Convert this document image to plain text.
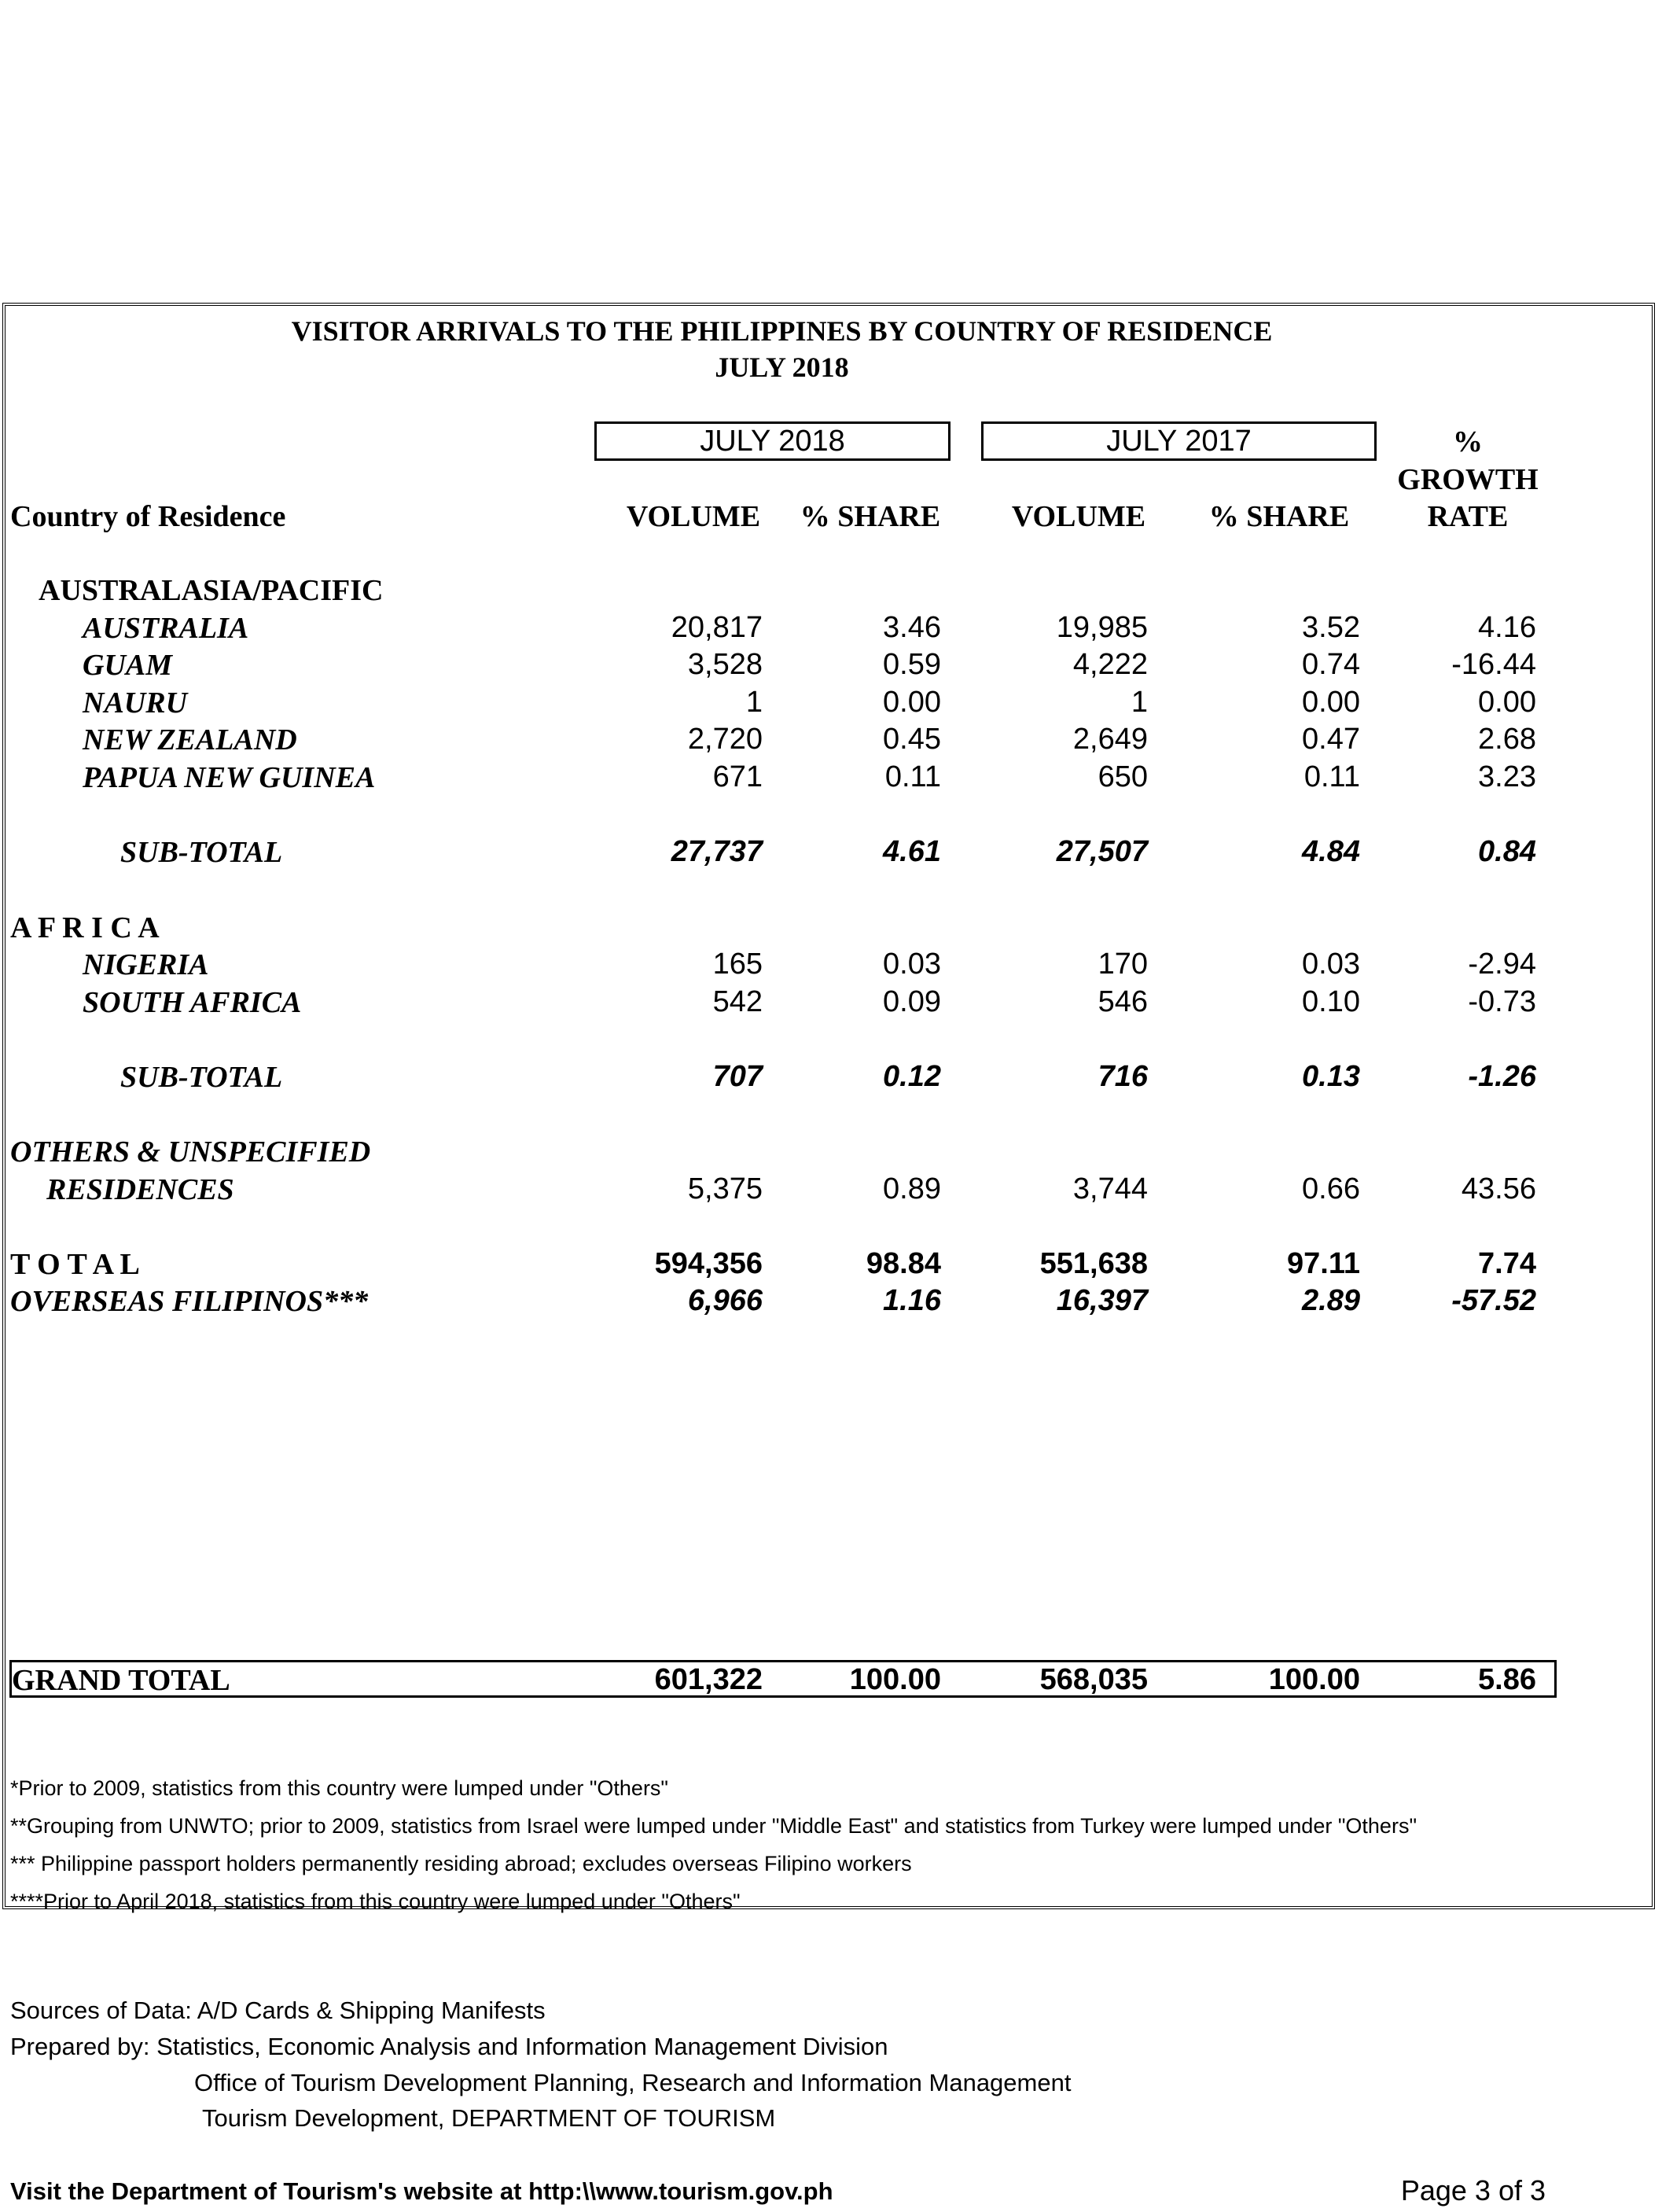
VISITOR ARRIVALS TO THE PHILIPPINES BY COUNTRY OF RESIDENCE
JULY 2018
JULY 2018	JULY 2017	%
GROWTH
RATE
Country of Residence	VOLUME	% SHARE	VOLUME	% SHARE
AUSTRALASIA/PACIFIC
AUSTRALIA	20,817	3.46	19,985	3.52	4.16
GUAM	3,528	0.59	4,222	0.74	-16.44
NAURU	1	0.00	1	0.00	0.00
NEW ZEALAND	2,720	0.45	2,649	0.47	2.68
PAPUA NEW GUINEA	671	0.11	650	0.11	3.23
SUB-TOTAL	27,737	4.61	27,507	4.84	0.84
A F R I C A
NIGERIA	165	0.03	170	0.03	-2.94
SOUTH AFRICA	542	0.09	546	0.10	-0.73
SUB-TOTAL	707	0.12	716	0.13	-1.26
OTHERS & UNSPECIFIED
RESIDENCES	5,375	0.89	3,744	0.66	43.56
T O T A L	594,356	98.84	551,638	97.11	7.74
OVERSEAS FILIPINOS***	6,966	1.16	16,397	2.89	-57.52
GRAND TOTAL	601,322	100.00	568,035	100.00	5.86
*Prior to 2009, statistics from this country were lumped under "Others"
**Grouping from UNWTO; prior to 2009, statistics from Israel were lumped under "Middle East" and statistics from Turkey were lumped under "Others"
*** Philippine passport holders permanently residing abroad; excludes overseas Filipino workers
****Prior to April 2018, statistics from this country were lumped under "Others"
Sources of Data: A/D Cards & Shipping Manifests
Prepared by: Statistics, Economic Analysis and Information Management Division
Office of Tourism Development Planning, Research and Information Management
Tourism Development, DEPARTMENT OF TOURISM
Visit the Department of Tourism's website at http:\\www.tourism.gov.ph	Page 3 of 3
